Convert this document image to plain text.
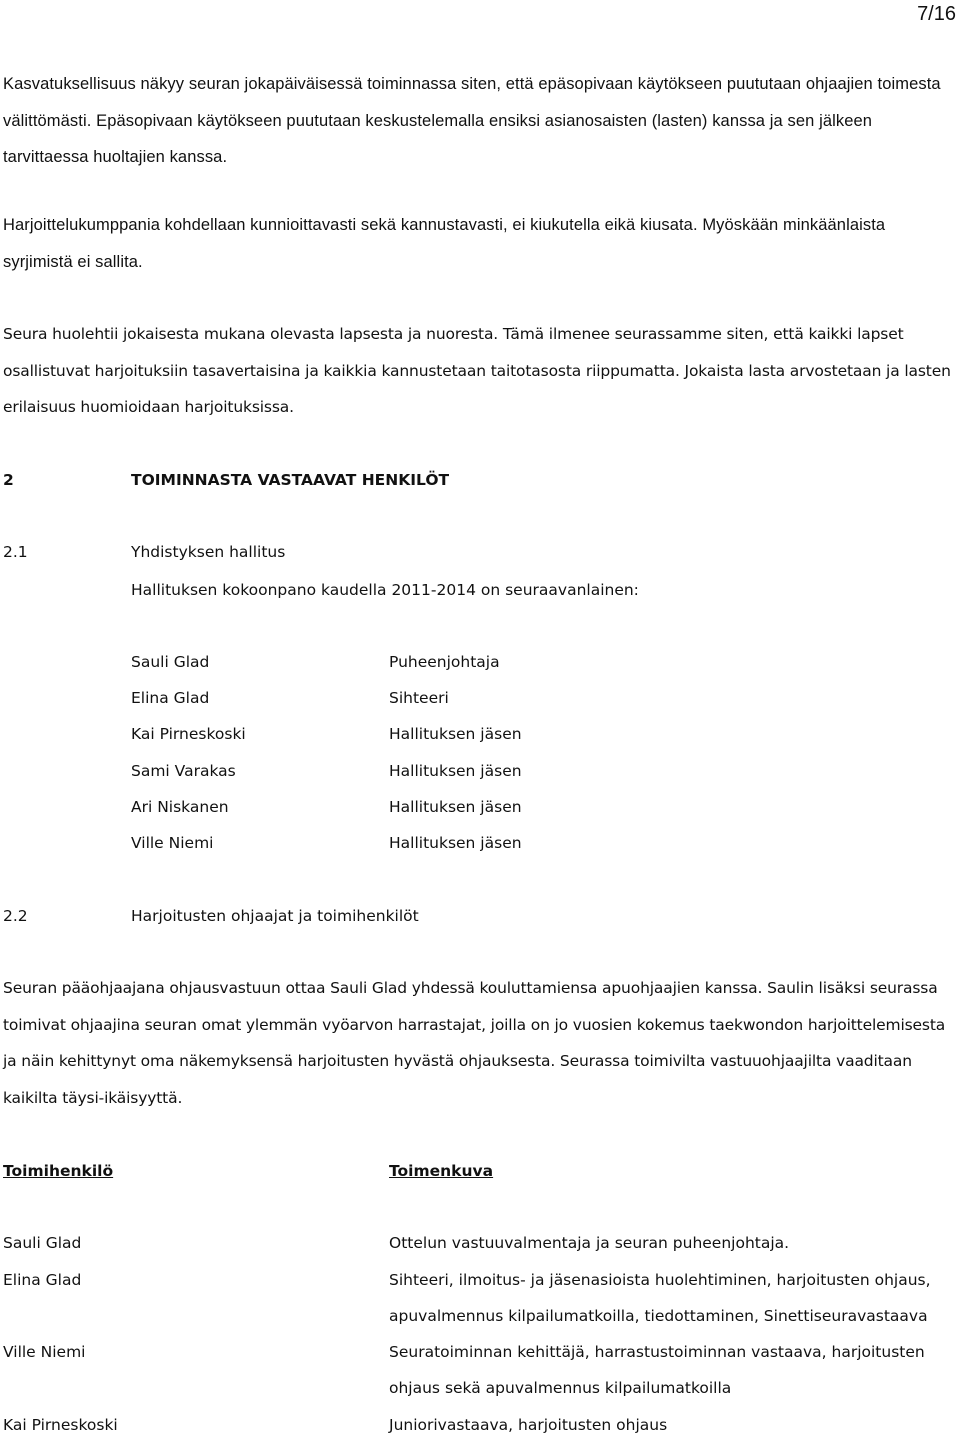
7/16

Kasvatuksellisuus näkyy seuran jokapäiväisessä toiminnassa siten, että epäsopivaan käytökseen puututaan ohjaajien toimesta välittömästi. Epäsopivaan käytökseen puututaan keskustelemalla ensiksi asianosaisten (lasten) kanssa ja sen jälkeen tarvittaessa huoltajien kanssa.

Harjoittelukumppania kohdellaan kunnioittavasti sekä kannustavasti, ei kiukutella eikä kiusata. Myöskään minkäänlaista syrjimistä ei sallita.

Seura huolehtii jokaisesta mukana olevasta lapsesta ja nuoresta. Tämä ilmenee seurassamme siten, että kaikki lapset osallistuvat harjoituksiin tasavertaisina ja kaikkia kannustetaan taitotasosta riippumatta. Jokaista lasta arvostetaan ja lasten erilaisuus huomioidaan harjoituksissa.

2	TOIMINNASTA VASTAAVAT HENKILÖT
2.1	Yhdistyksen hallitus
Hallituksen kokoonpano kaudella 2011-2014 on seuraavanlainen:
Sauli Glad	Puheenjohtaja
Elina Glad	Sihteeri
Kai Pirneskoski	Hallituksen jäsen
Sami Varakas	Hallituksen jäsen
Ari Niskanen	Hallituksen jäsen
Ville Niemi	Hallituksen jäsen
2.2	Harjoitusten ohjaajat ja toimihenkilöt

Seuran pääohjaajana ohjausvastuun ottaa Sauli Glad yhdessä kouluttamiensa apuohjaajien kanssa. Saulin lisäksi seurassa toimivat ohjaajina seuran omat ylemmän vyöarvon harrastajat, joilla on jo vuosien kokemus taekwondon harjoittelemisesta ja näin kehittynyt oma näkemyksensä harjoitusten hyvästä ohjauksesta. Seurassa toimivilta vastuuohjaajilta vaaditaan kaikilta täysi-ikäisyyttä.

Toimihenkilö	Toimenkuva
Sauli Glad	Ottelun vastuuvalmentaja ja seuran puheenjohtaja.
Elina Glad	Sihteeri, ilmoitus- ja jäsenasioista huolehtiminen, harjoitusten ohjaus,
apuvalmennus kilpailumatkoilla, tiedottaminen, Sinettiseuravastaava
Ville Niemi	Seuratoiminnan kehittäjä, harrastustoiminnan vastaava, harjoitusten
ohjaus sekä apuvalmennus kilpailumatkoilla
Kai Pirneskoski	Juniorivastaava, harjoitusten ohjaus
